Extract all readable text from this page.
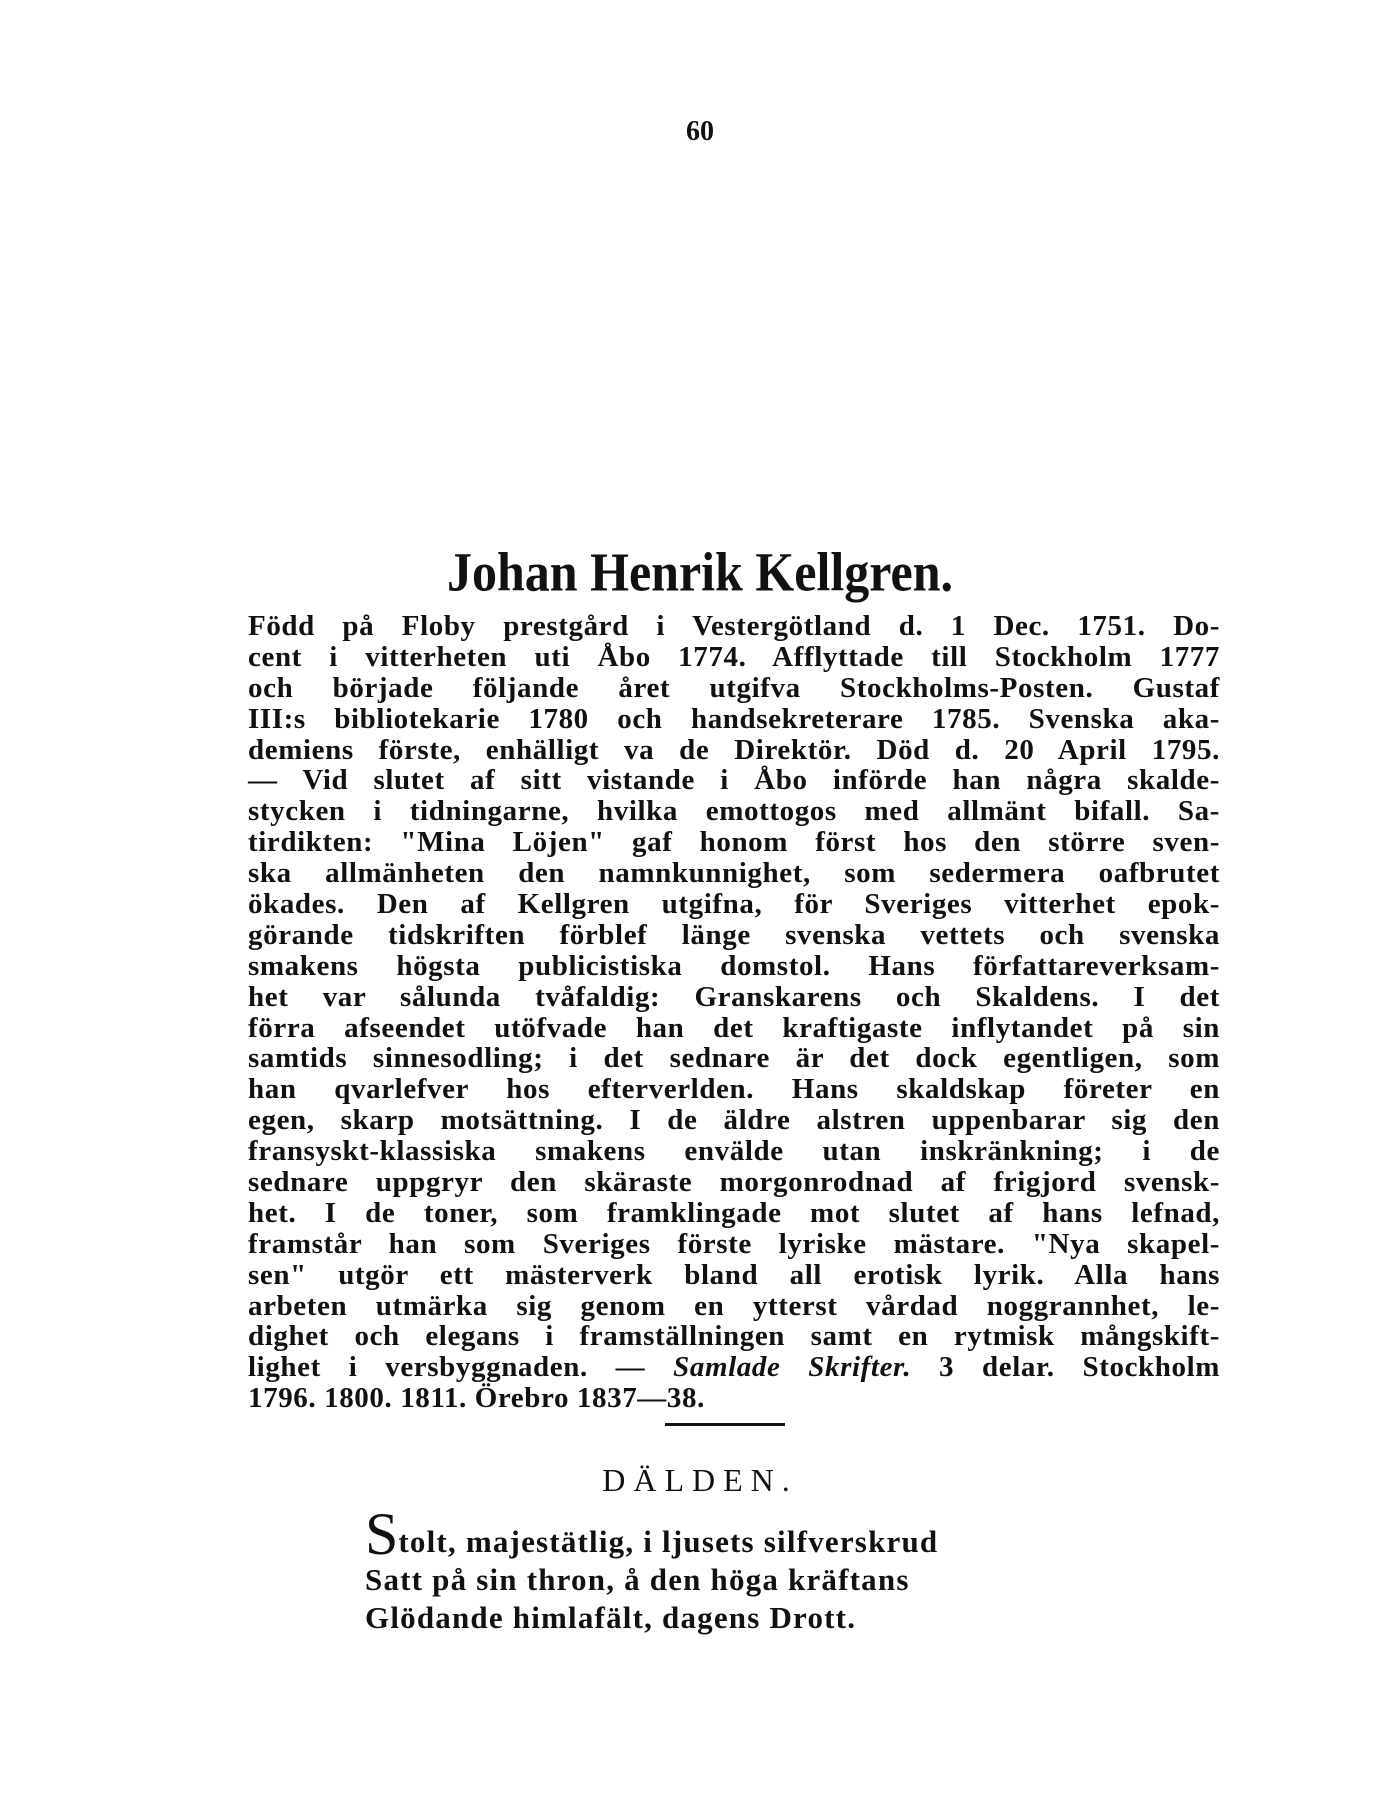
60
Johan Henrik Kellgren.
Född på Floby prestgård i Vestergötland d. 1 Dec. 1751. Do-
cent i vitterheten uti Åbo 1774. Afflyttade till Stockholm 1777
och började följande året utgifva Stockholms-Posten. Gustaf
III:s bibliotekarie 1780 och handsekreterare 1785. Svenska aka-
demiens förste, enhälligt va de Direktör. Död d. 20 April 1795.
— Vid slutet af sitt vistande i Åbo införde han några skalde-
stycken i tidningarne, hvilka emottogos med allmänt bifall. Sa-
tirdikten: "Mina Löjen" gaf honom först hos den större sven-
ska allmänheten den namnkunnighet, som sedermera oafbrutet
ökades. Den af Kellgren utgifna, för Sveriges vitterhet epok-
görande tidskriften förblef länge svenska vettets och svenska
smakens högsta publicistiska domstol. Hans författareverksam-
het var sålunda tvåfaldig: Granskarens och Skaldens. I det
förra afseendet utöfvade han det kraftigaste inflytandet på sin
samtids sinnesodling; i det sednare är det dock egentligen, som
han qvarlefver hos efterverlden. Hans skaldskap företer en
egen, skarp motsättning. I de äldre alstren uppenbarar sig den
fransyskt-klassiska smakens envälde utan inskränkning; i de
sednare uppgryr den skäraste morgonrodnad af frigjord svensk-
het. I de toner, som framklingade mot slutet af hans lefnad,
framstår han som Sveriges förste lyriske mästare. "Nya skapel-
sen" utgör ett mästerverk bland all erotisk lyrik. Alla hans
arbeten utmärka sig genom en ytterst vårdad noggrannhet, le-
dighet och elegans i framställningen samt en rytmisk mångskift-
lighet i versbyggnaden. — Samlade Skrifter. 3 delar. Stockholm
1796. 1800. 1811. Örebro 1837—38.
DÄLDEN.
Stolt, majestätlig, i ljusets silfverskrud
Satt på sin thron, å den höga kräftans
Glödande himlafält, dagens Drott.
